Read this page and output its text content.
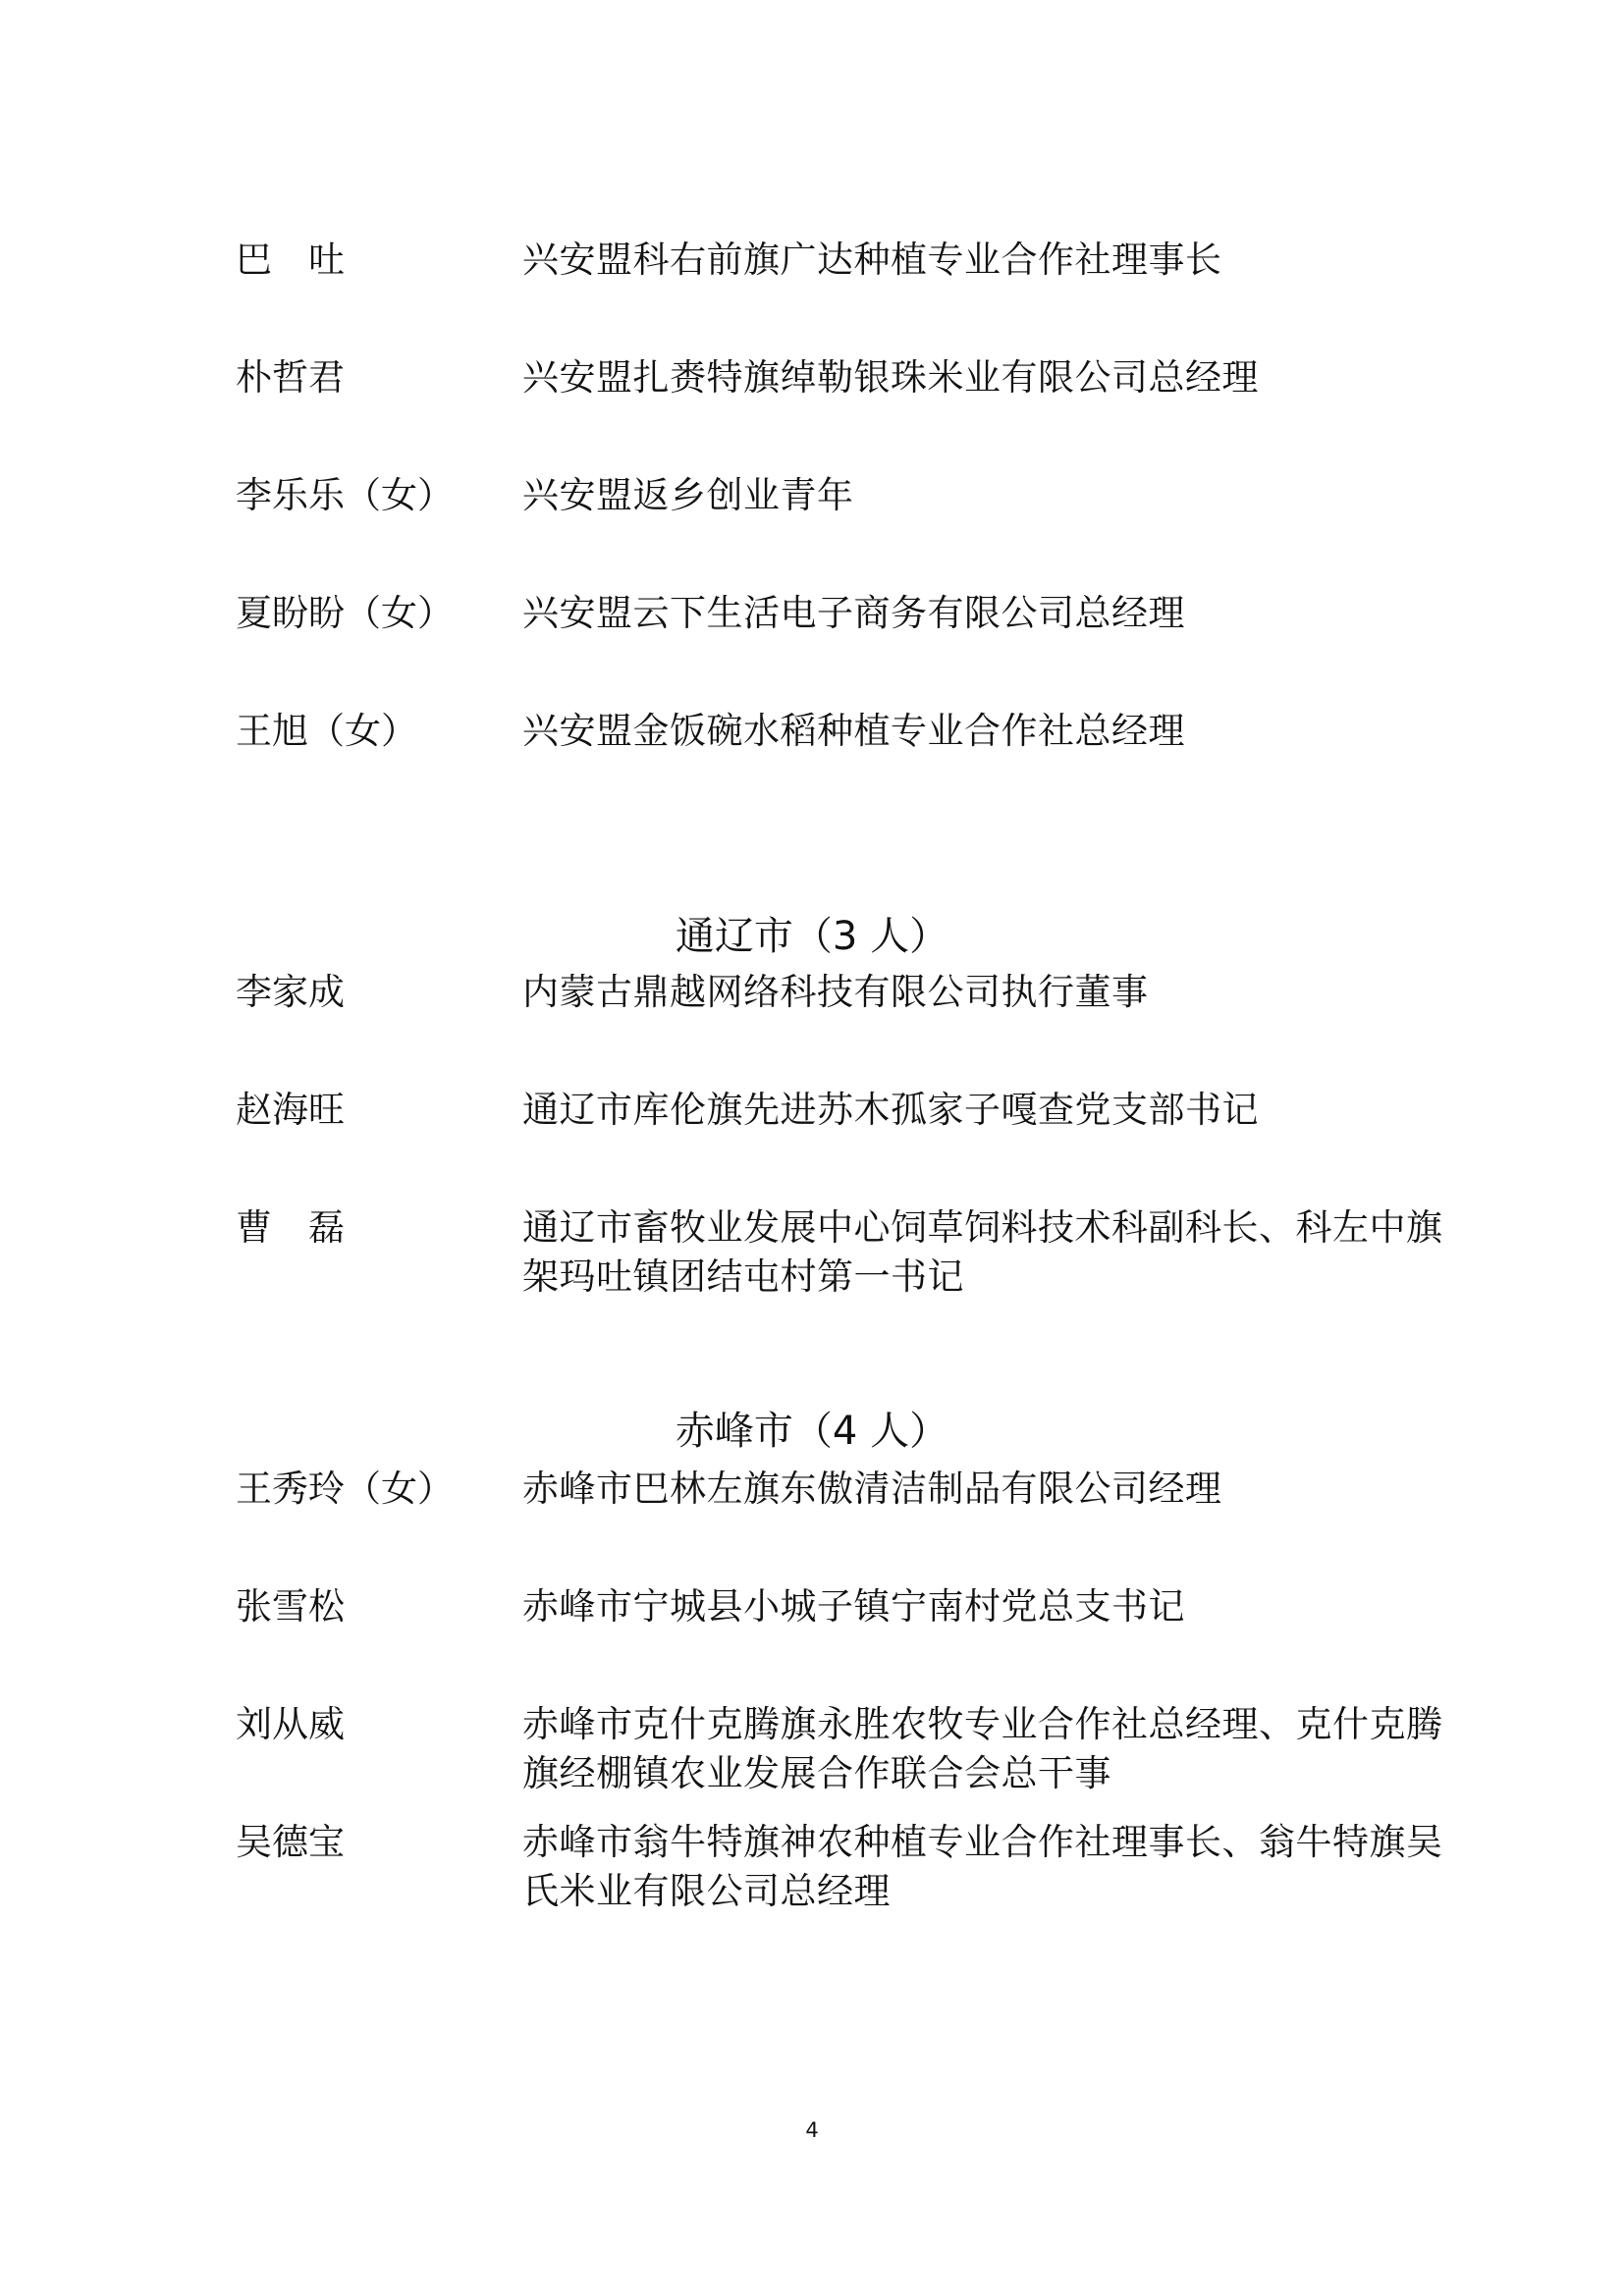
巴　吐	兴安盟科右前旗广达种植专业合作社理事长
朴哲君	兴安盟扎赉特旗绰勒银珠米业有限公司总经理
李乐乐（女） 兴安盟返乡创业青年
夏盼盼（女） 兴安盟云下生活电子商务有限公司总经理
王旭（女）	兴安盟金饭碗水稻种植专业合作社总经理
通辽市（3 人）
李家成	内蒙古鼎越网络科技有限公司执行董事
赵海旺	通辽市库伦旗先进苏木孤家子嘎查党支部书记
曹　磊	通辽市畜牧业发展中心饲草饲料技术科副科长、科左中旗架玛吐镇团结屯村第一书记
赤峰市（4 人）
王秀玲（女） 赤峰市巴林左旗东傲清洁制品有限公司经理
张雪松	赤峰市宁城县小城子镇宁南村党总支书记
刘从威	赤峰市克什克腾旗永胜农牧专业合作社总经理、克什克腾旗经棚镇农业发展合作联合会总干事
吴德宝	赤峰市翁牛特旗神农种植专业合作社理事长、翁牛特旗吴氏米业有限公司总经理
4
